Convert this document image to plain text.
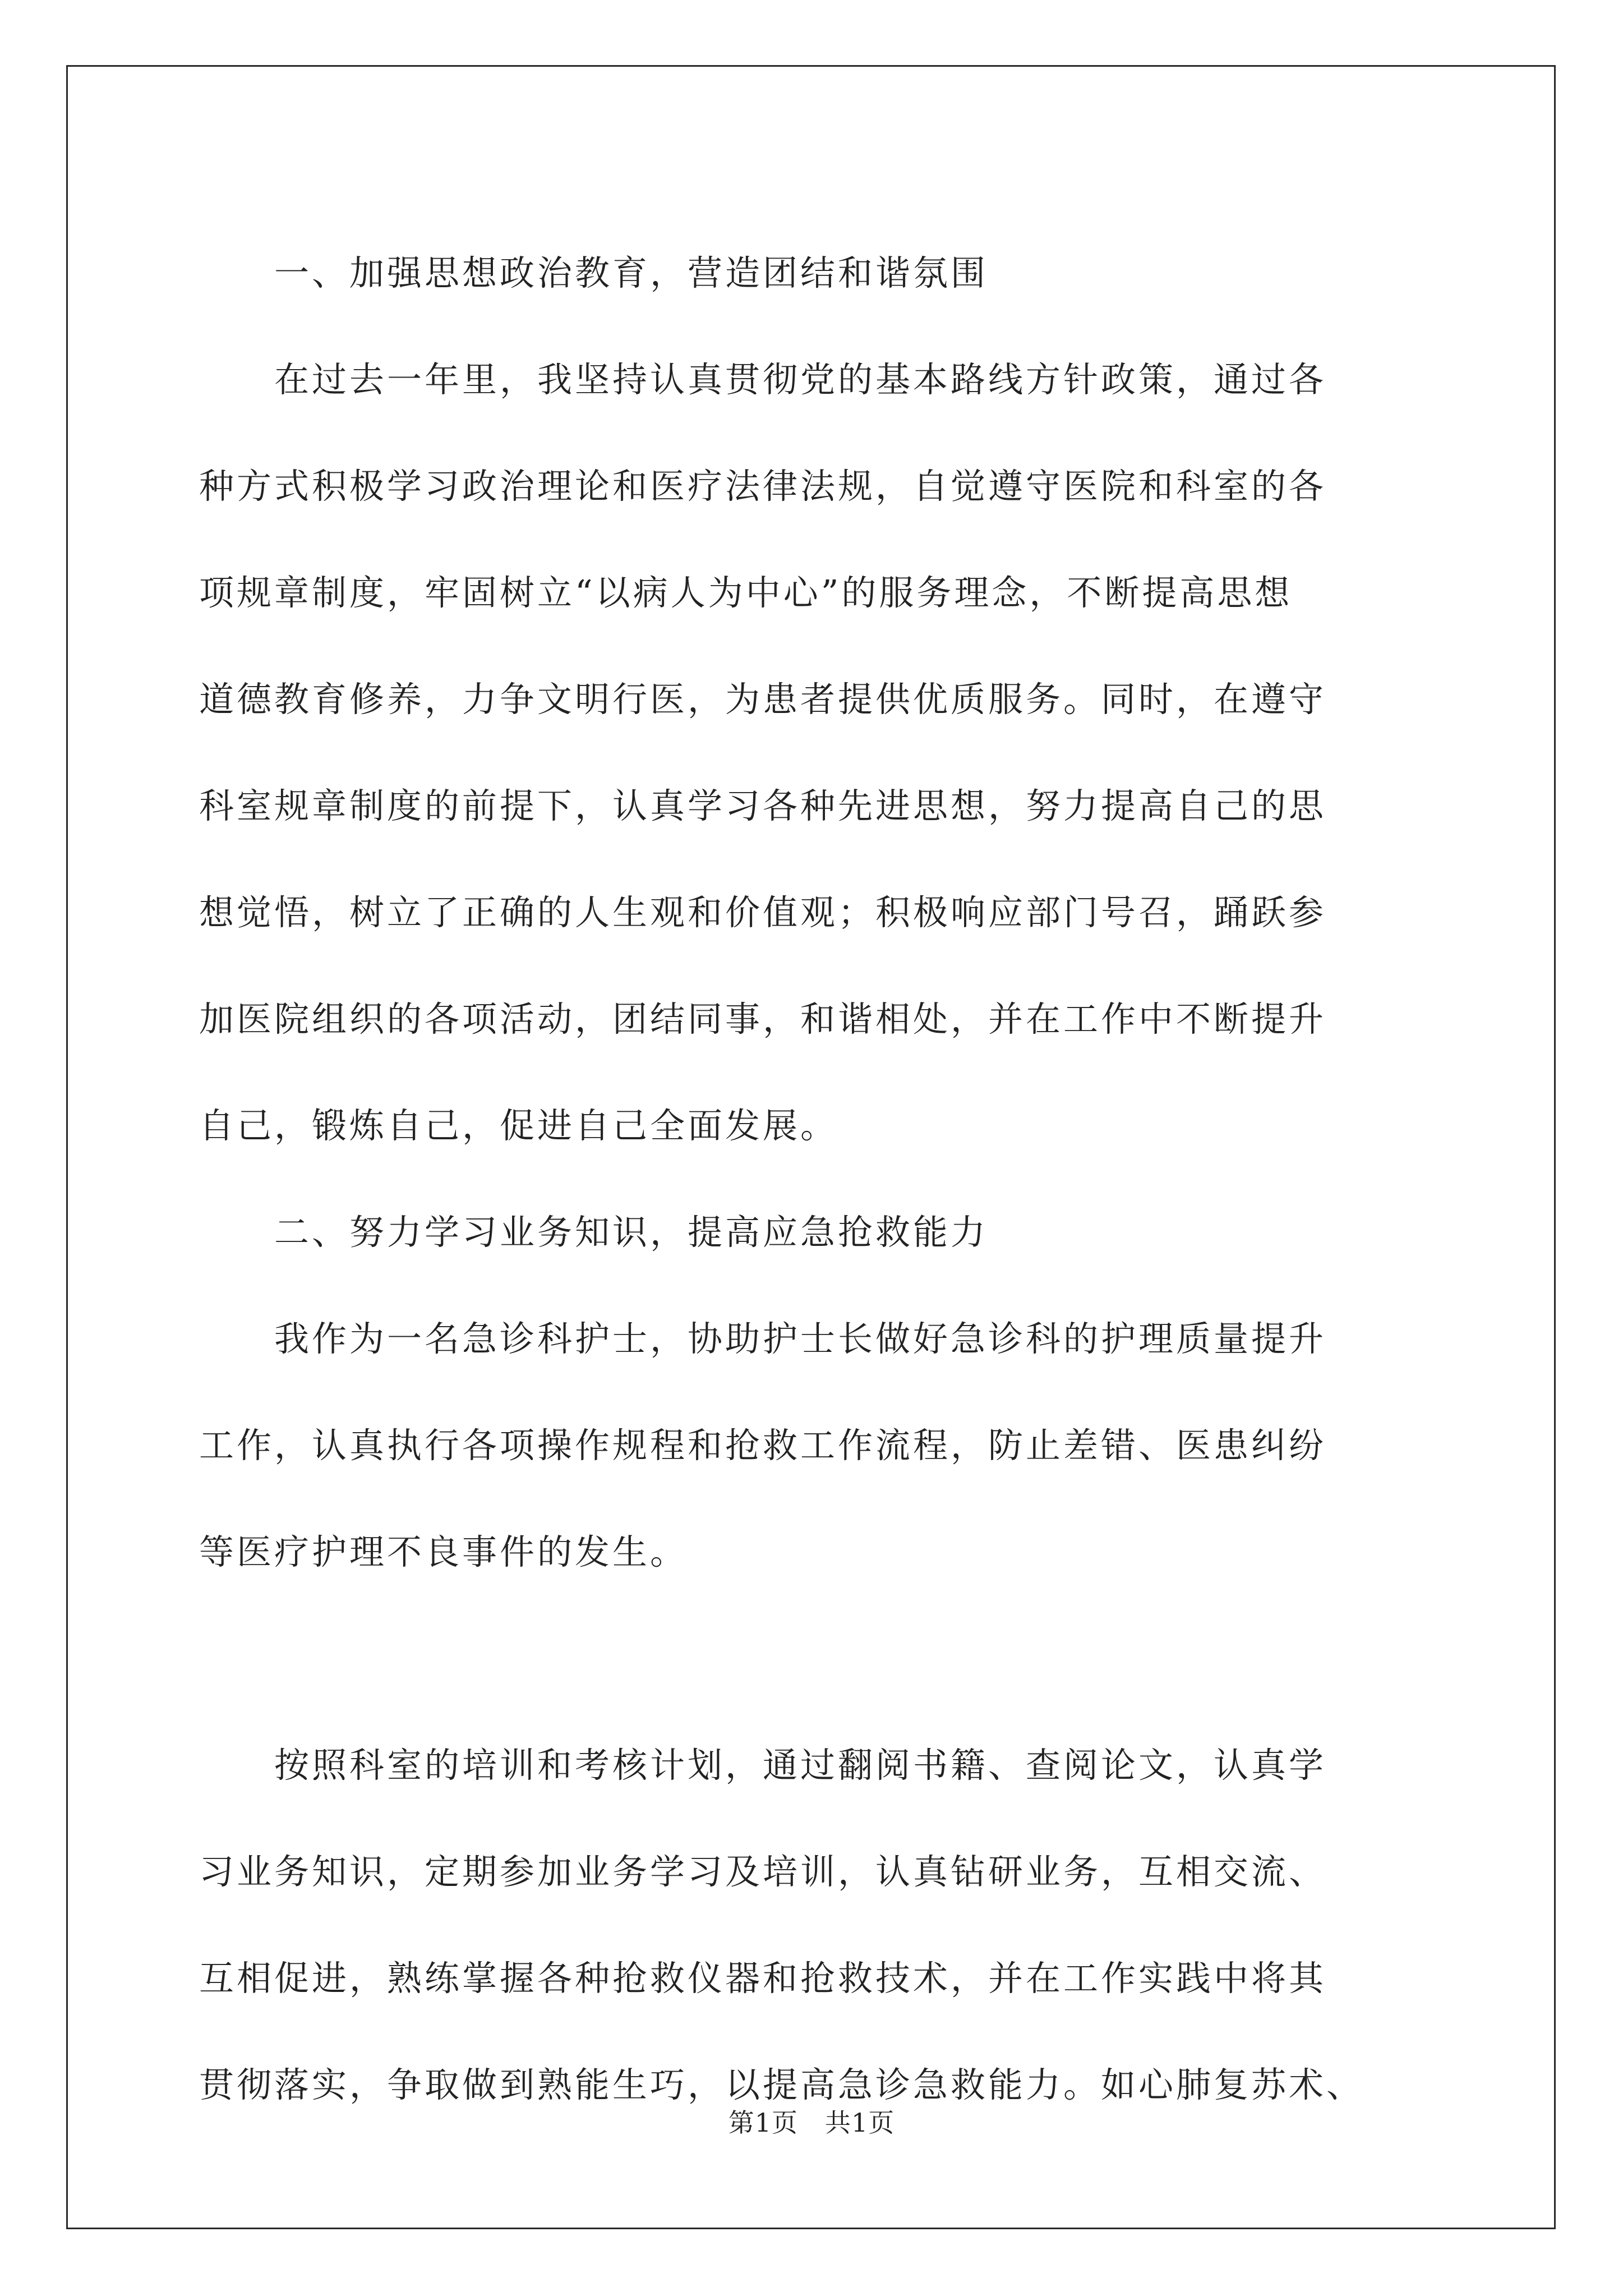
　　一、加强思想政治教育，营造团结和谐氛围
　　在过去一年里，我坚持认真贯彻党的基本路线方针政策，通过各
种方式积极学习政治理论和医疗法律法规，自觉遵守医院和科室的各
项规章制度，牢固树立“以病人为中心”的服务理念，不断提高思想
道德教育修养，力争文明行医，为患者提供优质服务。同时，在遵守
科室规章制度的前提下，认真学习各种先进思想，努力提高自己的思
想觉悟，树立了正确的人生观和价值观；积极响应部门号召，踊跃参
加医院组织的各项活动，团结同事，和谐相处，并在工作中不断提升
自己，锻炼自己，促进自己全面发展。
　　二、努力学习业务知识，提高应急抢救能力
　　我作为一名急诊科护士，协助护士长做好急诊科的护理质量提升
工作，认真执行各项操作规程和抢救工作流程，防止差错、医患纠纷
等医疗护理不良事件的发生。
　　按照科室的培训和考核计划，通过翻阅书籍、查阅论文，认真学
习业务知识，定期参加业务学习及培训，认真钻研业务，互相交流、
互相促进，熟练掌握各种抢救仪器和抢救技术，并在工作实践中将其
贯彻落实，争取做到熟能生巧，以提高急诊急救能力。如心肺复苏术、
第1页 共1页
